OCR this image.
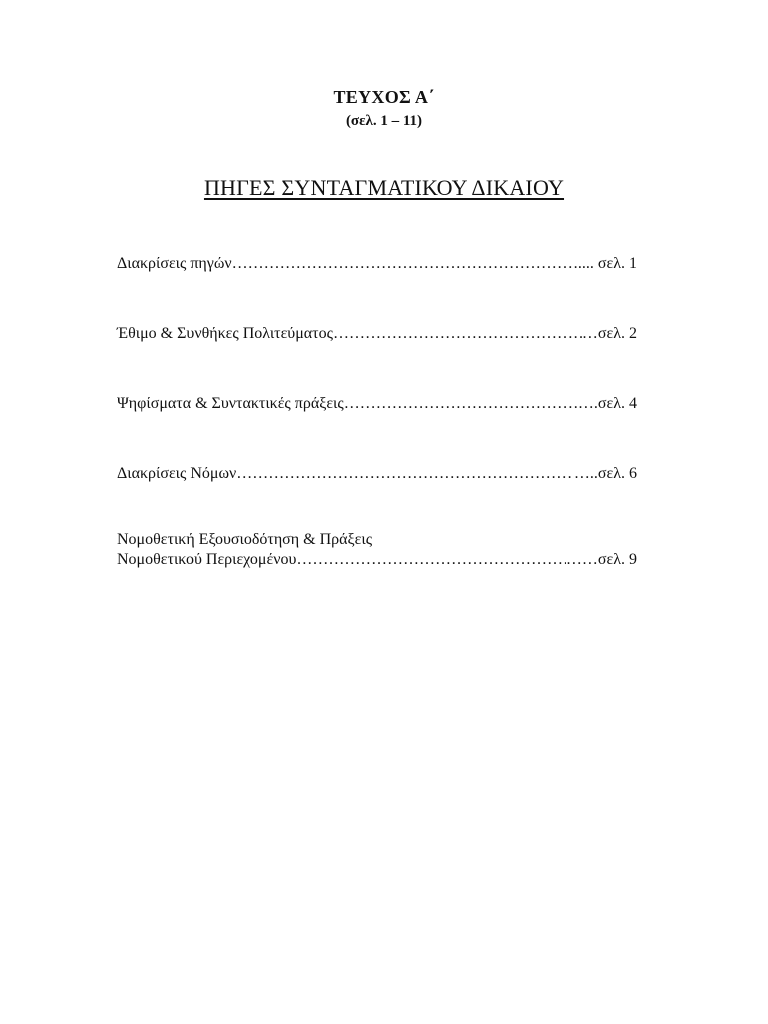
ΤΕΥΧΟΣ Α΄
(σελ. 1 – 11)
ΠΗΓΕΣ ΣΥΝΤΑΓΜΑΤΙΚΟΥ ΔΙΚΑΙΟΥ
Διακρίσεις πηγών ……………………………………………………………………………………………………………………	.... σελ. 1
Έθιμο & Συνθήκες Πολιτεύματος ……………………………………………………………………………………………………………………	…σελ. 2
Ψηφίσματα & Συντακτικές πράξεις ……………………………………………………………………………………………………………………	….σελ. 4
Διακρίσεις Νόμων ……………………………………………………………………………………………………………………	…..σελ. 6
Νομοθετική Εξουσιοδότηση & Πράξεις
Νομοθετικού Περιεχομένου ……………………………………………………………………………………………………………………	……σελ. 9
